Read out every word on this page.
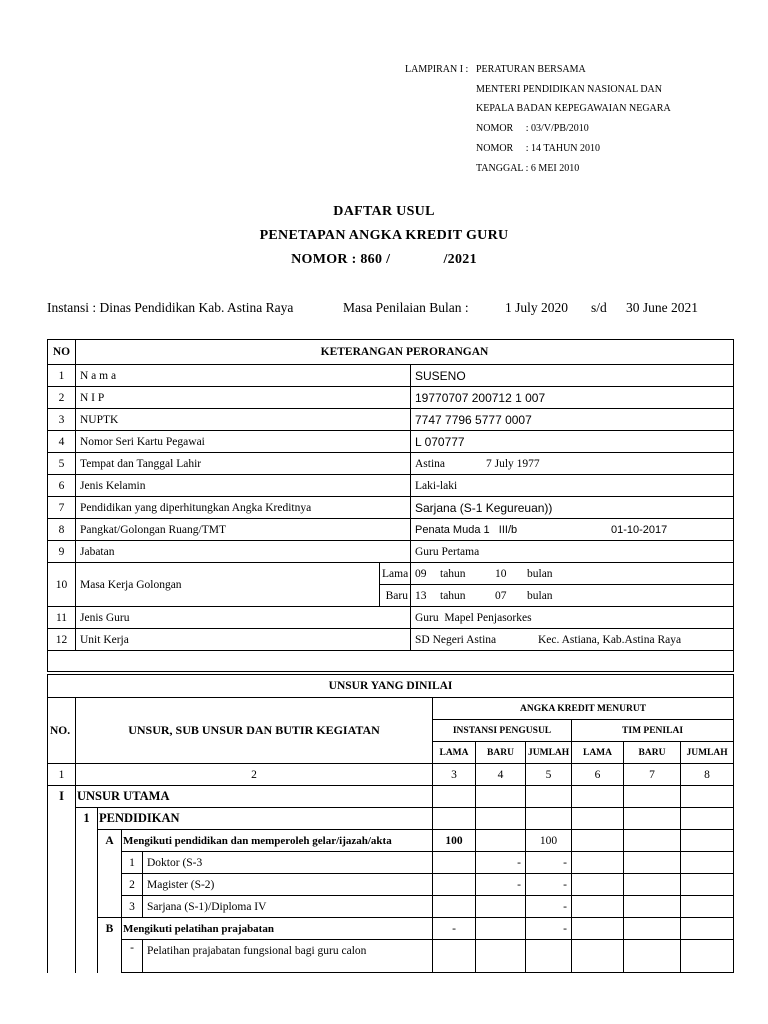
LAMPIRAN I : PERATURAN BERSAMA
MENTERI PENDIDIKAN NASIONAL DAN
KEPALA BADAN KEPEGAWAIAN NEGARA
NOMOR     : 03/V/PB/2010
NOMOR     : 14 TAHUN 2010
TANGGAL : 6 MEI 2010
DAFTAR USUL
PENETAPAN ANGKA KREDIT GURU
NOMOR : 860 /              /2021
Instansi : Dinas Pendidikan Kab. Astina Raya	Masa Penilaian Bulan :	1 July 2020 s/d 30 June 2021
NO	KETERANGAN PERORANGAN		
1	N a m a		SUSENO
2	N I P		19770707 200712 1 007
3	NUPTK		7747 7796 5777 0007
4	Nomor Seri Kartu Pegawai		L 070777
5	Tempat dan Tanggal Lahir		Astina 7 July 1977
6	Jenis Kelamin		Laki-laki
7	Pendidikan yang diperhitungkan Angka Kreditnya		Sarjana (S-1 Kegureuan))
8	Pangkat/Golongan Ruang/TMT		Penata Muda 1   III/b 01-10-2017
9	Jabatan		Guru Pertama
10	Masa Kerja Golongan	Lama	09 tahun 10 bulan
		Baru	13 tahun 07 bulan
11	Jenis Guru		Guru  Mapel Penjasorkes
12	Unit Kerja		SD Negeri Astina Kec. Astiana, Kab.Astina Raya

UNSUR YANG DINILAI										
NO.	UNSUR, SUB UNSUR DAN BUTIR KEGIATAN				ANGKA KREDIT MENURUT					
					INSTANSI PENGUSUL			TIM PENILAI		
					LAMA	BARU	JUMLAH	LAMA	BARU	JUMLAH
1	2				3	4	5	6	7	8
I	UNSUR UTAMA									
	1	PENDIDIKAN								
		A	Mengikuti pendidikan dan memperoleh gelar/ijazah/akta		100		100			
			1	Doktor (S-3		-	-			
			2	Magister (S-2)		-	-			
			3	Sarjana (S-1)/Diploma IV			-			
		B	Mengikuti pelatihan prajabatan		-		-			
			-	Pelatihan prajabatan fungsional bagi guru calon						
